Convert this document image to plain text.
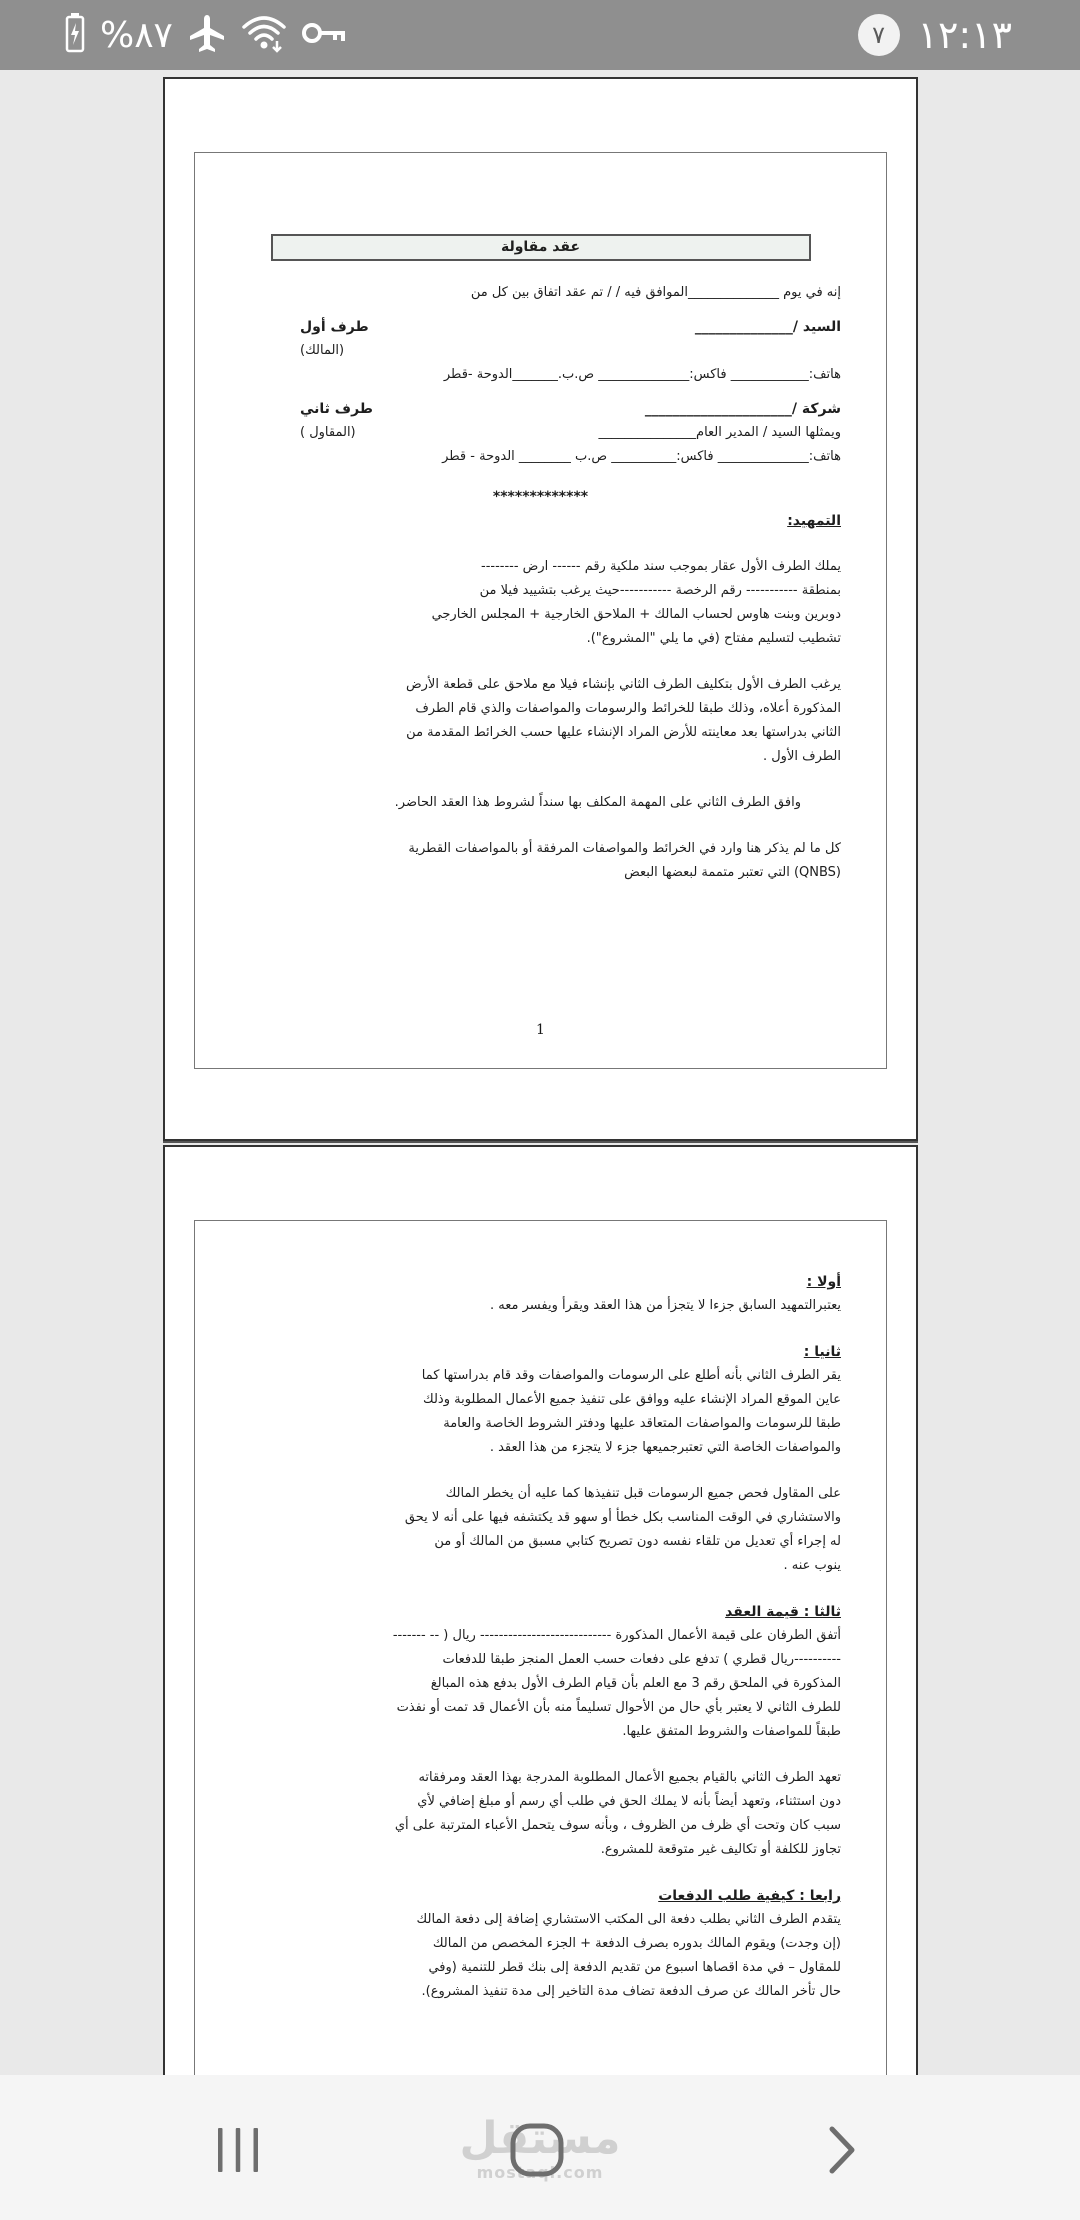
%٨٧	٧ ١٢:١٣
عقد مقاولة
إنه في يوم ______________الموافق فيه / / تم عقد اتفاق بين كل من
السيد /______________
طرف أول
(المالك)
هاتف:____________ فاكس:______________ ص.ب._______الدوحة -قطر
شركة /_____________________
طرف ثاني
ويمثلها السيد / المدير العام_______________
(المقاول )
هاتف:______________ فاكس:__________ ص.ب ________ الدوحة - قطر
*************
التمهيد:
يملك الطرف الأول عقار بموجب سند ملكية رقم ------ ارض --------
بمنطقة ----------- رقم الرخصة -----------حيث يرغب بتشييد فيلا من
دوبرين وبنت هاوس لحساب المالك + الملاحق الخارجية + المجلس الخارجي
تشطيب لتسليم مفتاح (في ما يلي "المشروع").
يرغب الطرف الأول بتكليف الطرف الثاني بإنشاء فيلا مع ملاحق على قطعة الأرض
المذكورة أعلاه، وذلك طبقا للخرائط والرسومات والمواصفات والذي قام الطرف
الثاني بدراستها بعد معاينته للأرض المراد الإنشاء عليها حسب الخرائط المقدمة من
الطرف الأول .
وافق الطرف الثاني على المهمة المكلف بها سنداً لشروط هذا العقد الحاضر.
كل ما لم يذكر هنا وارد في الخرائط والمواصفات المرفقة أو بالمواصفات القطرية
(QNBS) التي تعتبر متممة لبعضها البعض
1
أولا :
يعتبرالتمهيد السابق جزءا لا يتجزأ من هذا العقد ويقرأ ويفسر معه .
ثانيا :
يقر الطرف الثاني بأنه أطلع على الرسومات والمواصفات وقد قام بدراستها كما
عاين الموقع المراد الإنشاء عليه ووافق على تنفيذ جميع الأعمال المطلوبة وذلك
طبقا للرسومات والمواصفات المتعاقد عليها ودفتر الشروط الخاصة والعامة
والمواصفات الخاصة التي تعتبرجميعها جزء لا يتجزء من هذا العقد .
على المقاول فحص جميع الرسومات قبل تنفيذها كما عليه أن يخطر المالك
والاستشاري في الوقت المناسب بكل خطأ أو سهو قد يكتشفه فيها على أنه لا يحق
له إجراء أي تعديل من تلقاء نفسه دون تصريح كتابي مسبق من المالك أو من
ينوب عنه .
ثالثا : قيمة العقد
أتفق الطرفان على قيمة الأعمال المذكورة ---------------------------- ريال ( -- -------
----------ريال قطري ) تدفع على دفعات حسب العمل المنجز طبقا للدفعات
المذكورة في الملحق رقم 3 مع العلم بأن قيام الطرف الأول بدفع هذه المبالغ
للطرف الثاني لا يعتبر بأي حال من الأحوال تسليماً منه بأن الأعمال قد تمت أو نفذت
طبقاً للمواصفات والشروط المتفق عليها.
تعهد الطرف الثاني بالقيام بجميع الأعمال المطلوبة المدرجة بهذا العقد ومرفقاته
دون استثناء، وتعهد أيضاً بأنه لا يملك الحق في طلب أي رسم أو مبلغ إضافي لأي
سبب كان وتحت أي ظرف من الظروف ، وبأنه سوف يتحمل الأعباء المترتبة على أي
تجاوز للكلفة أو تكاليف غير متوقعة للمشروع.
رابعا : كيفية طلب الدفعات
يتقدم الطرف الثاني بطلب دفعة الى المكتب الاستشاري إضافة إلى دفعة المالك
(إن وجدت) ويقوم المالك بدوره بصرف الدفعة + الجزء المخصص من المالك
للمقاول – في مدة اقصاها اسبوع من تقديم الدفعة إلى بنك قطر للتنمية (وفي
حال تأخر المالك عن صرف الدفعة تضاف مدة التاخير إلى مدة تنفيذ المشروع).
مستقل
mostaql.com
